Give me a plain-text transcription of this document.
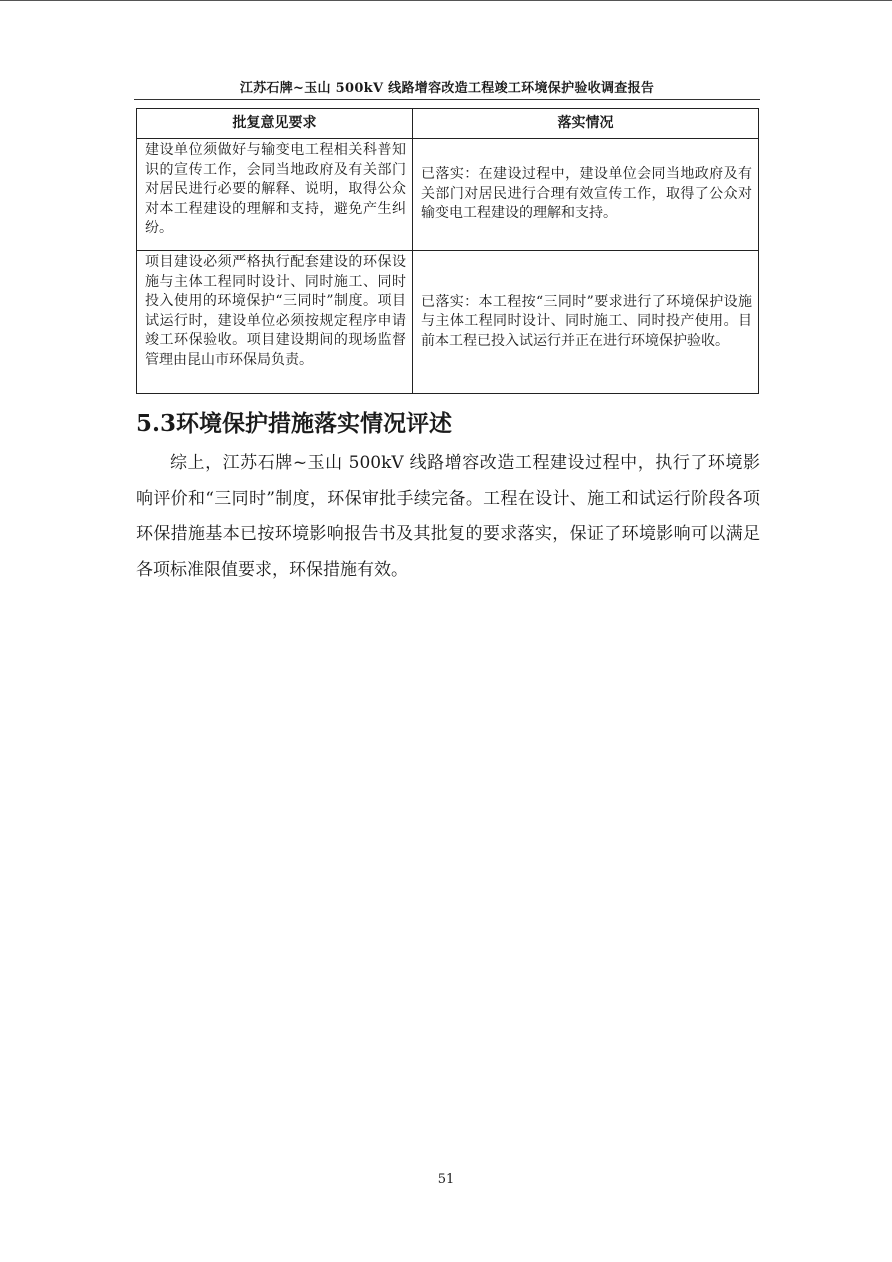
江苏石牌~玉山 500kV 线路增容改造工程竣工环境保护验收调查报告
批复意见要求	落实情况
建设单位须做好与输变电工程相关科普知识的宣传工作，会同当地政府及有关部门对居民进行必要的解释、说明，取得公众对本工程建设的理解和支持，避免产生纠纷。	已落实：在建设过程中，建设单位会同当地政府及有关部门对居民进行合理有效宣传工作，取得了公众对输变电工程建设的理解和支持。
项目建设必须严格执行配套建设的环保设施与主体工程同时设计、同时施工、同时投入使用的环境保护“三同时”制度。项目试运行时，建设单位必须按规定程序申请竣工环保验收。项目建设期间的现场监督管理由昆山市环保局负责。	已落实：本工程按“三同时”要求进行了环境保护设施与主体工程同时设计、同时施工、同时投产使用。目前本工程已投入试运行并正在进行环境保护验收。
5.3环境保护措施落实情况评述
综上，江苏石牌~玉山 500kV 线路增容改造工程建设过程中，执行了环境影响评价和“三同时”制度，环保审批手续完备。工程在设计、施工和试运行阶段各项环保措施基本已按环境影响报告书及其批复的要求落实，保证了环境影响可以满足各项标准限值要求，环保措施有效。
51
